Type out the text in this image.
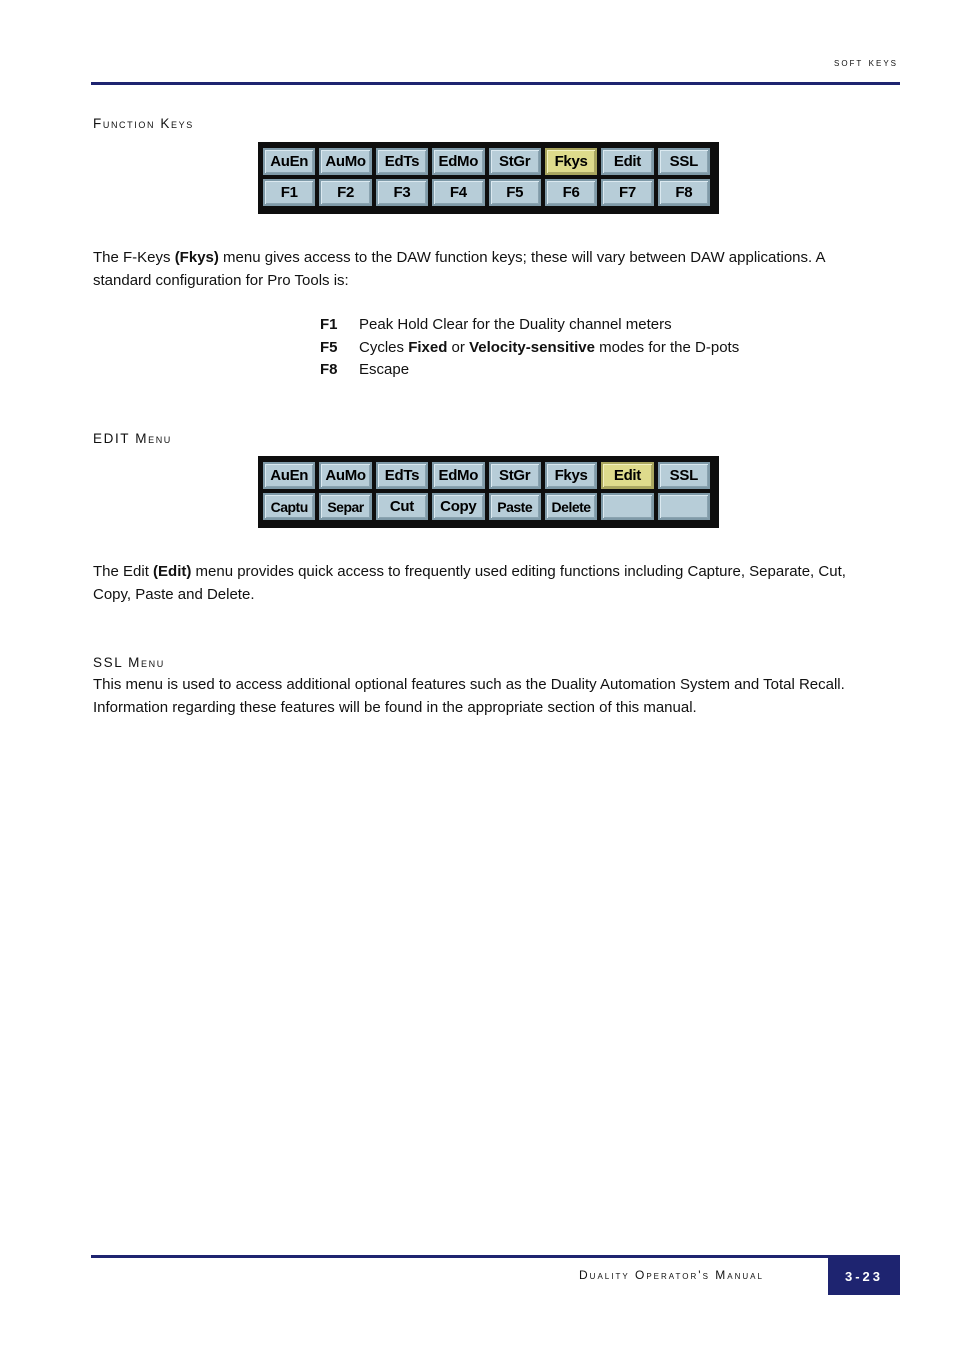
soft keys
Function Keys
AuEn	AuMo	EdTs	EdMo	StGr	Fkys	Edit	SSL
F1	F2	F3	F4	F5	F6	F7	F8
The F-Keys (Fkys) menu gives access to the DAW function keys; these will vary between DAW applications. A standard configuration for Pro Tools is:
F1	Peak Hold Clear for the Duality channel meters
F5	Cycles Fixed or Velocity-sensitive modes for the D-pots
F8	Escape
EDIT Menu
AuEn	AuMo	EdTs	EdMo	StGr	Fkys	Edit	SSL
Captu	Separ	Cut	Copy	Paste	Delete
The Edit (Edit) menu provides quick access to frequently used editing functions including Capture, Separate, Cut, Copy, Paste and Delete.
SSL Menu
This menu is used to access additional optional features such as the Duality Automation System and Total Recall. Information regarding these features will be found in the appropriate section of this manual.
Duality Operator's Manual	3-23
